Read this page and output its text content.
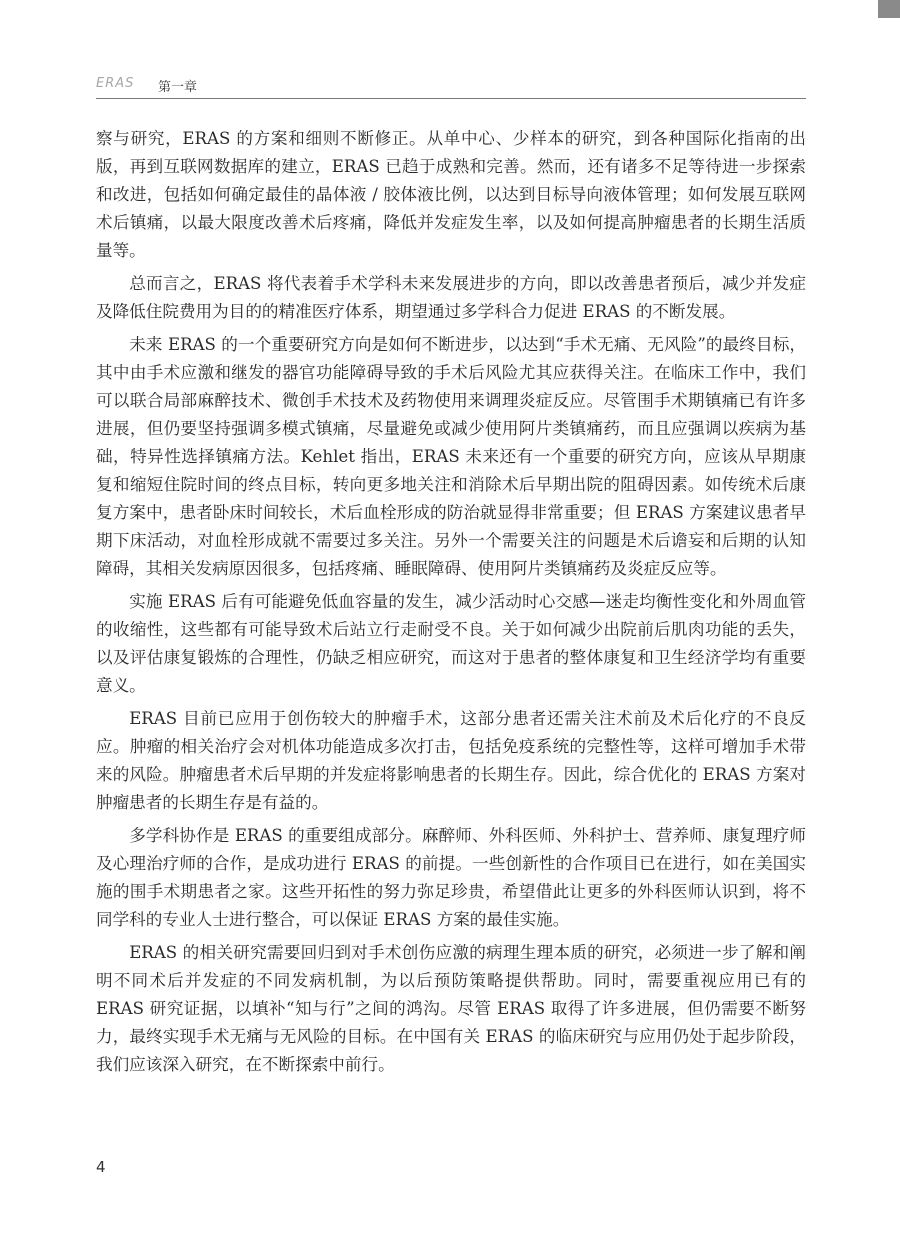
ERAS 第一章

察与研究，ERAS 的方案和细则不断修正。从单中心、少样本的研究，到各种国际化指南的出版，再到互联网数据库的建立，ERAS 已趋于成熟和完善。然而，还有诸多不足等待进一步探索和改进，包括如何确定最佳的晶体液 / 胶体液比例，以达到目标导向液体管理；如何发展互联网术后镇痛，以最大限度改善术后疼痛，降低并发症发生率，以及如何提高肿瘤患者的长期生活质量等。

总而言之，ERAS 将代表着手术学科未来发展进步的方向，即以改善患者预后，减少并发症及降低住院费用为目的的精准医疗体系，期望通过多学科合力促进 ERAS 的不断发展。

未来 ERAS 的一个重要研究方向是如何不断进步，以达到“手术无痛、无风险”的最终目标，其中由手术应激和继发的器官功能障碍导致的手术后风险尤其应获得关注。在临床工作中，我们可以联合局部麻醉技术、微创手术技术及药物使用来调理炎症反应。尽管围手术期镇痛已有许多进展，但仍要坚持强调多模式镇痛，尽量避免或减少使用阿片类镇痛药，而且应强调以疾病为基础，特异性选择镇痛方法。Kehlet 指出，ERAS 未来还有一个重要的研究方向，应该从早期康复和缩短住院时间的终点目标，转向更多地关注和消除术后早期出院的阻碍因素。如传统术后康复方案中，患者卧床时间较长，术后血栓形成的防治就显得非常重要；但 ERAS 方案建议患者早期下床活动，对血栓形成就不需要过多关注。另外一个需要关注的问题是术后谵妄和后期的认知障碍，其相关发病原因很多，包括疼痛、睡眠障碍、使用阿片类镇痛药及炎症反应等。

实施 ERAS 后有可能避免低血容量的发生，减少活动时心交感—迷走均衡性变化和外周血管的收缩性，这些都有可能导致术后站立行走耐受不良。关于如何减少出院前后肌肉功能的丢失，以及评估康复锻炼的合理性，仍缺乏相应研究，而这对于患者的整体康复和卫生经济学均有重要意义。

ERAS 目前已应用于创伤较大的肿瘤手术，这部分患者还需关注术前及术后化疗的不良反应。肿瘤的相关治疗会对机体功能造成多次打击，包括免疫系统的完整性等，这样可增加手术带来的风险。肿瘤患者术后早期的并发症将影响患者的长期生存。因此，综合优化的 ERAS 方案对肿瘤患者的长期生存是有益的。

多学科协作是 ERAS 的重要组成部分。麻醉师、外科医师、外科护士、营养师、康复理疗师及心理治疗师的合作，是成功进行 ERAS 的前提。一些创新性的合作项目已在进行，如在美国实施的围手术期患者之家。这些开拓性的努力弥足珍贵，希望借此让更多的外科医师认识到，将不同学科的专业人士进行整合，可以保证 ERAS 方案的最佳实施。

ERAS 的相关研究需要回归到对手术创伤应激的病理生理本质的研究，必须进一步了解和阐明不同术后并发症的不同发病机制，为以后预防策略提供帮助。同时，需要重视应用已有的 ERAS 研究证据，以填补“知与行”之间的鸿沟。尽管 ERAS 取得了许多进展，但仍需要不断努力，最终实现手术无痛与无风险的目标。在中国有关 ERAS 的临床研究与应用仍处于起步阶段，我们应该深入研究，在不断探索中前行。

4
